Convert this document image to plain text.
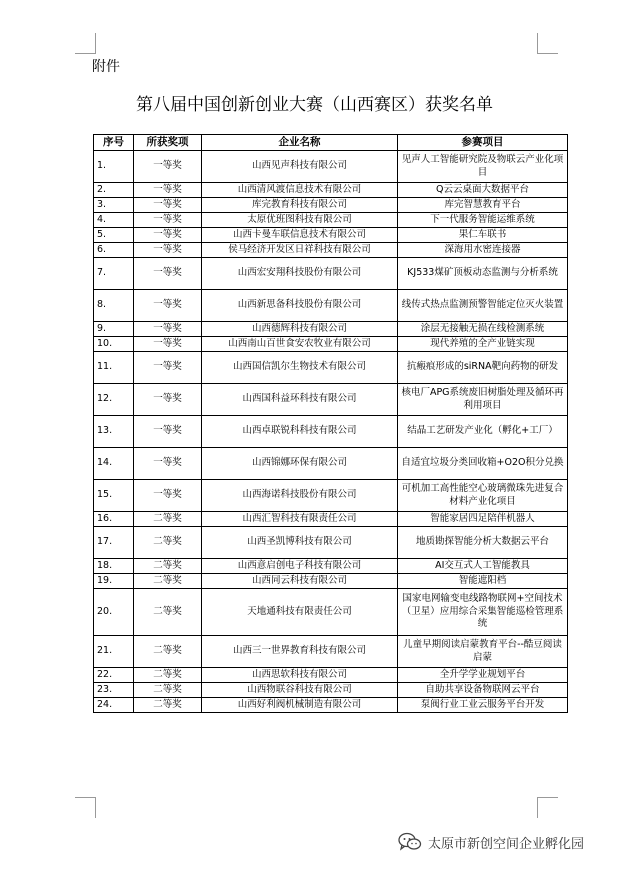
附件
第八届中国创新创业大赛（山西赛区）获奖名单
序号	所获奖项	企业名称	参赛项目
1.	一等奖	山西见声科技有限公司	见声人工智能研究院及物联云产业化项目
2.	一等奖	山西清风渡信息技术有限公司	Q云云桌面大数据平台
3.	一等奖	库完教育科技有限公司	库完智慧教育平台
4.	一等奖	太原优班图科技有限公司	下一代服务智能运维系统
5.	一等奖	山西卡曼车联信息技术有限公司	果仁车联书
6.	一等奖	侯马经济开发区日祥科技有限公司	深海用水密连接器
7.	一等奖	山西宏安翔科技股份有限公司	KJ533煤矿顶板动态监测与分析系统
8.	一等奖	山西新思备科技股份有限公司	线传式热点监测预警智能定位灭火装置
9.	一等奖	山西德辉科技有限公司	涂层无接触无损在线检测系统
10.	一等奖	山西南山百世食安农牧业有限公司	现代养殖的全产业链实现
11.	一等奖	山西国信凯尔生物技术有限公司	抗瘢痕形成的siRNA靶向药物的研发
12.	一等奖	山西国科益环科技有限公司	核电厂APG系统废旧树脂处理及循环再利用项目
13.	一等奖	山西卓联锐科科技有限公司	结晶工艺研发产业化（孵化+工厂）
14.	一等奖	山西锦娜环保有限公司	自适宜垃圾分类回收箱+O2O积分兑换
15.	一等奖	山西海诺科技股份有限公司	可机加工高性能空心玻璃微珠先进复合材料产业化项目
16.	二等奖	山西汇智科技有限责任公司	智能家居四足陪伴机器人
17.	二等奖	山西圣凯博科技有限公司	地质勘探智能分析大数据云平台
18.	二等奖	山西意启创电子科技有限公司	AI交互式人工智能教具
19.	二等奖	山西同云科技有限公司	智能遮阳档
20.	二等奖	天地通科技有限责任公司	国家电网输变电线路物联网+空间技术（卫星）应用综合采集智能巡检管理系统
21.	二等奖	山西三一世界教育科技有限公司	儿童早期阅读启蒙教育平台--酷豆阅读启蒙
22.	二等奖	山西思软科技有限公司	全升学学业规划平台
23.	二等奖	山西物联谷科技有限公司	自助共享设备物联网云平台
24.	二等奖	山西好利阀机械制造有限公司	泵阀行业工业云服务平台开发
太原市新创空间企业孵化园
